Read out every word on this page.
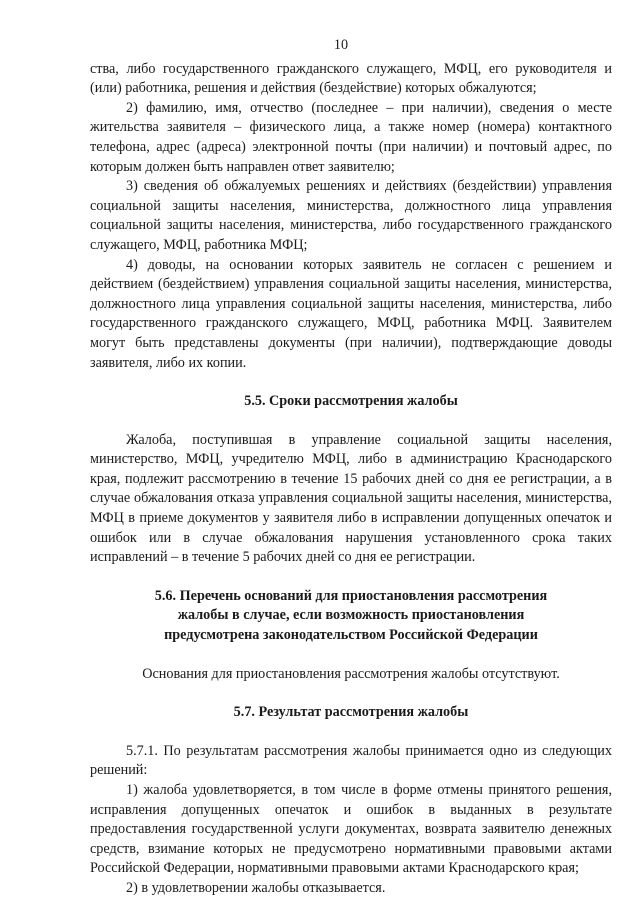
10

ства, либо государственного гражданского служащего, МФЦ, его руководителя и (или) работника, решения и действия (бездействие) которых обжалуются;

2) фамилию, имя, отчество (последнее – при наличии), сведения о месте жительства заявителя – физического лица, а также номер (номера) контактного телефона, адрес (адреса) электронной почты (при наличии) и почтовый адрес, по которым должен быть направлен ответ заявителю;

3) сведения об обжалуемых решениях и действиях (бездействии) управления социальной защиты населения, министерства, должностного лица управления социальной защиты населения, министерства, либо государственного гражданского служащего, МФЦ, работника МФЦ;

4) доводы, на основании которых заявитель не согласен с решением и действием (бездействием) управления социальной защиты населения, министерства, должностного лица управления социальной защиты населения, министерства, либо государственного гражданского служащего, МФЦ, работника МФЦ. Заявителем могут быть представлены документы (при наличии), подтверждающие доводы заявителя, либо их копии.

5.5. Сроки рассмотрения жалобы

Жалоба, поступившая в управление социальной защиты населения, министерство, МФЦ, учредителю МФЦ, либо в администрацию Краснодарского края, подлежит рассмотрению в течение 15 рабочих дней со дня ее регистрации, а в случае обжалования отказа управления социальной защиты населения, министерства, МФЦ в приеме документов у заявителя либо в исправлении допущенных опечаток и ошибок или в случае обжалования нарушения установленного срока таких исправлений – в течение 5 рабочих дней со дня ее регистрации.

5.6. Перечень оснований для приостановления рассмотрения

жалобы в случае, если возможность приостановления

предусмотрена законодательством Российской Федерации

Основания для приостановления рассмотрения жалобы отсутствуют.

5.7. Результат рассмотрения жалобы

5.7.1. По результатам рассмотрения жалобы принимается одно из следующих решений:

1) жалоба удовлетворяется, в том числе в форме отмены принятого решения, исправления допущенных опечаток и ошибок в выданных в результате предоставления государственной услуги документах, возврата заявителю денежных средств, взимание которых не предусмотрено нормативными правовыми актами Российской Федерации, нормативными правовыми актами Краснодарского края;

2) в удовлетворении жалобы отказывается.
